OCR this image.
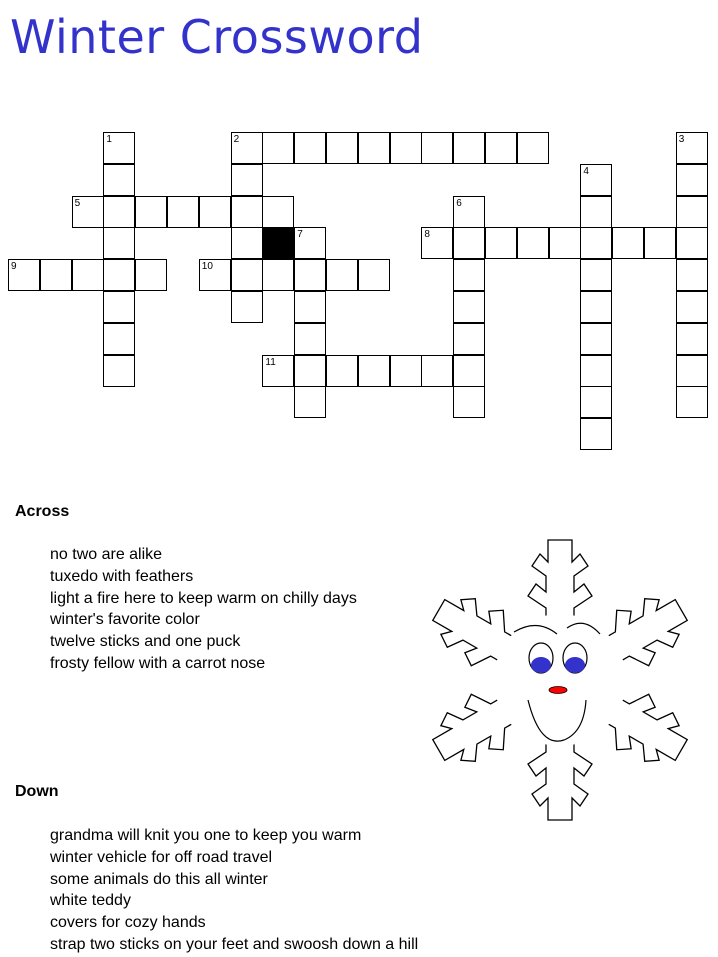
Winter Crossword
1	2	3
4
5	6
7	8
9	10
11
Across
no two are alike
tuxedo with feathers
light a fire here to keep warm on chilly days
winter's favorite color
twelve sticks and one puck
frosty fellow with a carrot nose
Down
grandma will knit you one to keep you warm
winter vehicle for off road travel
some animals do this all winter
white teddy
covers for cozy hands
strap two sticks on your feet and swoosh down a hill
